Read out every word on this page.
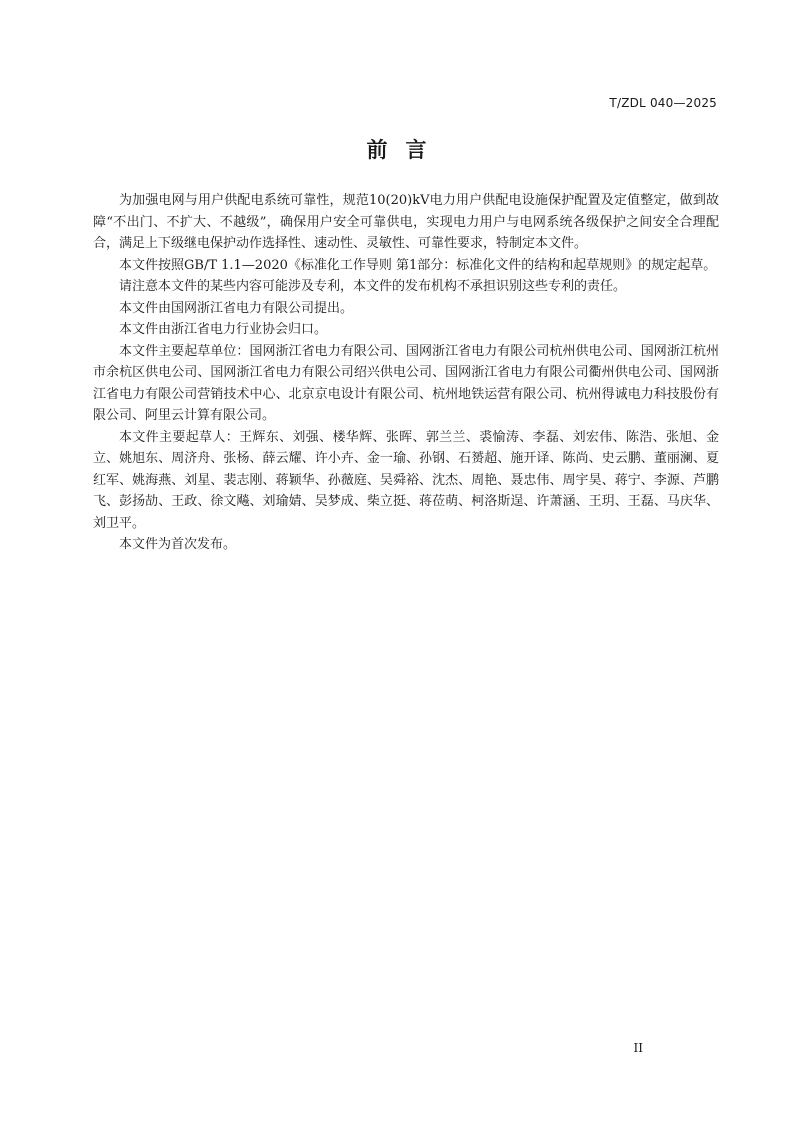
T/ZDL 040—2025
前言

为加强电网与用户供配电系统可靠性，规范10(20)kV电力用户供配电设施保护配置及定值整定，做到故障“不出门、不扩大、不越级”，确保用户安全可靠供电，实现电力用户与电网系统各级保护之间安全合理配合，满足上下级继电保护动作选择性、速动性、灵敏性、可靠性要求，特制定本文件。

本文件按照GB/T 1.1—2020《标准化工作导则 第1部分：标准化文件的结构和起草规则》的规定起草。

请注意本文件的某些内容可能涉及专利，本文件的发布机构不承担识别这些专利的责任。

本文件由国网浙江省电力有限公司提出。

本文件由浙江省电力行业协会归口。

本文件主要起草单位：国网浙江省电力有限公司、国网浙江省电力有限公司杭州供电公司、国网浙江杭州市余杭区供电公司、国网浙江省电力有限公司绍兴供电公司、国网浙江省电力有限公司衢州供电公司、国网浙江省电力有限公司营销技术中心、北京京电设计有限公司、杭州地铁运营有限公司、杭州得诚电力科技股份有限公司、阿里云计算有限公司。

本文件主要起草人：王辉东、刘强、楼华辉、张晖、郭兰兰、裘愉涛、李磊、刘宏伟、陈浩、张旭、金立、姚旭东、周济舟、张杨、薛云耀、许小卉、金一瑜、孙钢、石赟超、施开译、陈尚、史云鹏、董丽澜、夏红军、姚海燕、刘星、裴志刚、蒋颖华、孙薇庭、吴舜裕、沈杰、周艳、聂忠伟、周宇昊、蒋宁、李源、芦鹏飞、彭扬劼、王政、徐文飚、刘瑜婧、吴梦成、柴立挺、蒋莅萌、柯洛斯逞、许萧涵、王玥、王磊、马庆华、刘卫平。

本文件为首次发布。

II
